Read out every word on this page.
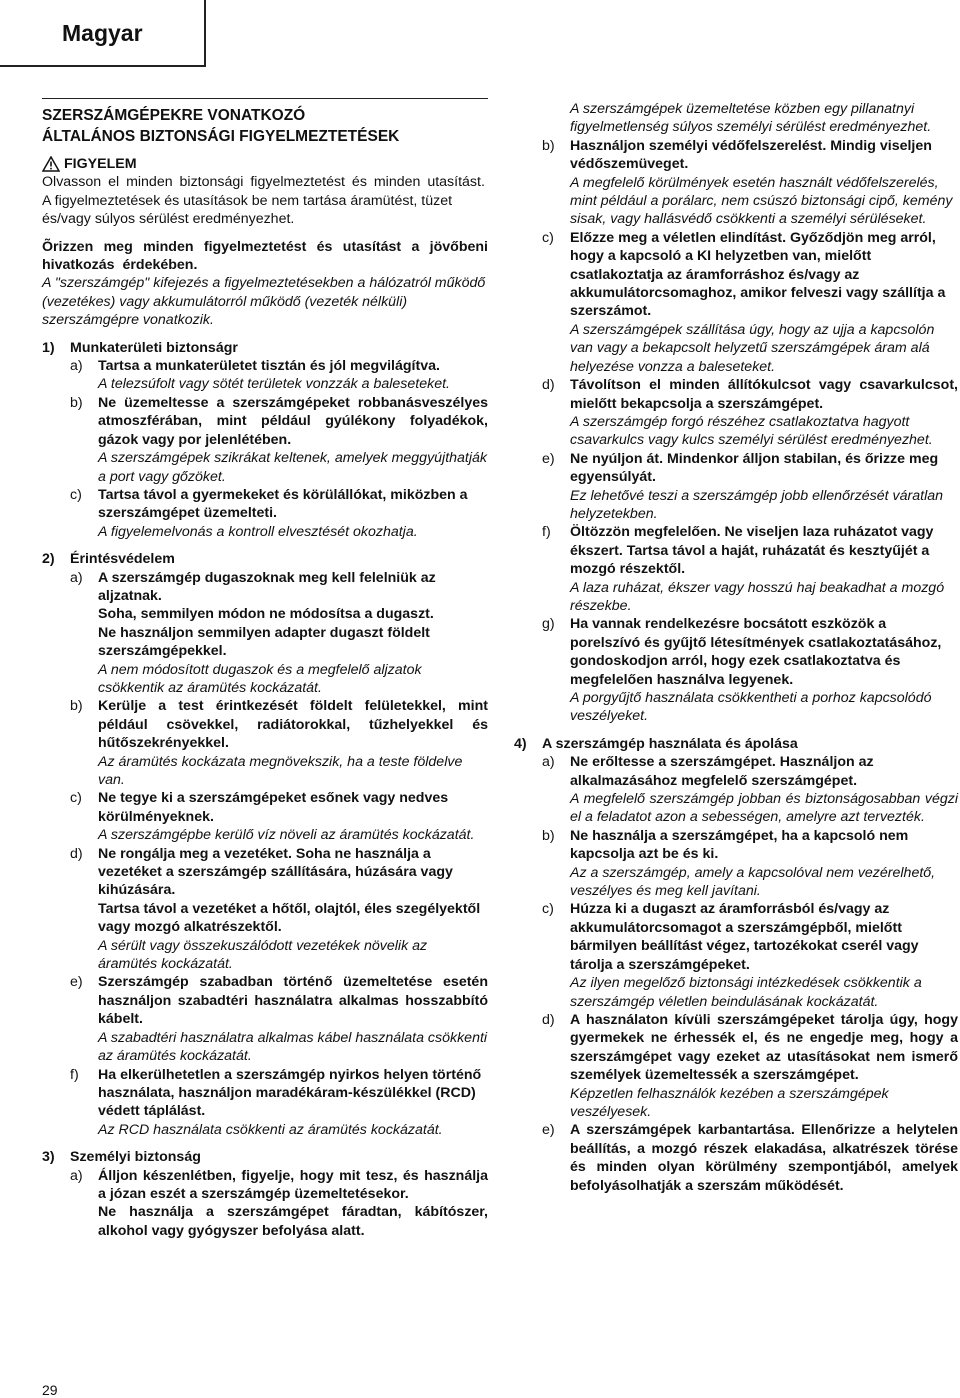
Magyar
SZERSZÁMGÉPEKRE VONATKOZÓ
ÁLTALÁNOS BIZTONSÁGI FIGYELMEZTETÉSEK
FIGYELEM

Olvasson el minden biztonsági figyelmeztetést és minden utasítást.

A figyelmeztetések és utasítások be nem tartása áramütést, tüzet és/vagy súlyos sérülést eredményezhet.

Õrizzen meg minden figyelmeztetést és utasítást a jövőbeni hivatkozás érdekében.

A "szerszámgép" kifejezés a figyelmeztetésekben a hálózatról működő (vezetékes) vagy akkumulátorról működő (vezeték nélküli) szerszámgépre vonatkozik.

1)	Munkaterületi biztonságr
a)	Tartsa a munkaterületet tisztán és jól megvilágítva.

A telezsúfolt vagy sötét területek vonzzák a baleseteket.

b)	Ne üzemeltesse a szerszámgépeket robbanásveszélyes atmoszférában, mint például gyúlékony folyadékok, gázok vagy por jelenlétében.

A szerszámgépek szikrákat keltenek, amelyek meggyújthatják a port vagy gőzöket.

c)	Tartsa távol a gyermekeket és körülállókat, miközben a szerszámgépet üzemelteti.

A figyelemelvonás a kontroll elvesztését okozhatja.

2)	Érintésvédelem
a)	A szerszámgép dugaszoknak meg kell felelniük az aljzatnak.

Soha, semmilyen módon ne módosítsa a dugaszt.

Ne használjon semmilyen adapter dugaszt földelt szerszámgépekkel.

A nem módosított dugaszok és a megfelelő aljzatok csökkentik az áramütés kockázatát.

b)	Kerülje a test érintkezését földelt felületekkel, mint például csövekkel, radiátorokkal, tűzhelyekkel és hűtőszekrényekkel.

Az áramütés kockázata megnövekszik, ha a teste földelve van.

c)	Ne tegye ki a szerszámgépeket esőnek vagy nedves körülményeknek.

A szerszámgépbe kerülő víz növeli az áramütés kockázatát.

d)	Ne rongálja meg a vezetéket. Soha ne használja a vezetéket a szerszámgép szállítására, húzására vagy kihúzására.

Tartsa távol a vezetéket a hőtől, olajtól, éles szegélyektől vagy mozgó alkatrészektől.

A sérült vagy összekuszálódott vezetékek növelik az áramütés kockázatát.

e)	Szerszámgép szabadban történő üzemeltetése esetén használjon szabadtéri használatra alkalmas hosszabbító kábelt.

A szabadtéri használatra alkalmas kábel használata csökkenti az áramütés kockázatát.

f)	Ha elkerülhetetlen a szerszámgép nyirkos helyen történő használata, használjon maradékáram-készülékkel (RCD) védett táplálást.

Az RCD használata csökkenti az áramütés kockázatát.

3)	Személyi biztonság
a)	Álljon készenlétben, figyelje, hogy mit tesz, és használja a józan eszét a szerszámgép üzemeltetésekor.

Ne használja a szerszámgépet fáradtan, kábítószer, alkohol vagy gyógyszer befolyása alatt.

A szerszámgépek üzemeltetése közben egy pillanatnyi figyelmetlenség súlyos személyi sérülést eredményezhet.

b)	Használjon személyi védőfelszerelést. Mindig viseljen védőszemüveget.

A megfelelő körülmények esetén használt védőfelszerelés, mint például a porálarc, nem csúszó biztonsági cipő, kemény sisak, vagy hallásvédő csökkenti a személyi sérüléseket.

c)	Előzze meg a véletlen elindítást. Győződjön meg arról, hogy a kapcsoló a KI helyzetben van, mielőtt csatlakoztatja az áramforráshoz és/vagy az akkumulátorcsomaghoz, amikor felveszi vagy szállítja a szerszámot.

A szerszámgépek szállítása úgy, hogy az ujja a kapcsolón van vagy a bekapcsolt helyzetű szerszámgépek áram alá helyezése vonzza a baleseteket.

d)	Távolítson el minden állítókulcsot vagy csavarkulcsot, mielőtt bekapcsolja a szerszámgépet.

A szerszámgép forgó részéhez csatlakoztatva hagyott csavarkulcs vagy kulcs személyi sérülést eredményezhet.

e)	Ne nyúljon át. Mindenkor álljon stabilan, és őrizze meg egyensúlyát.

Ez lehetővé teszi a szerszámgép jobb ellenőrzését váratlan helyzetekben.

f)	Öltözzön megfelelően. Ne viseljen laza ruházatot vagy ékszert. Tartsa távol a haját, ruházatát és kesztyűjét a mozgó részektől.

A laza ruházat, ékszer vagy hosszú haj beakadhat a mozgó részekbe.

g)	Ha vannak rendelkezésre bocsátott eszközök a porelszívó és gyűjtő létesítmények csatlakoztatásához, gondoskodjon arról, hogy ezek csatlakoztatva és megfelelően használva legyenek.

A porgyűjtő használata csökkentheti a porhoz kapcsolódó veszélyeket.

4)	A szerszámgép használata és ápolása
a)	Ne erőltesse a szerszámgépet. Használjon az alkalmazásához megfelelő szerszámgépet.

A megfelelő szerszámgép jobban és biztonságosabban végzi el a feladatot azon a sebességen, amelyre azt tervezték.

b)	Ne használja a szerszámgépet, ha a kapcsoló nem kapcsolja azt be és ki.

Az a szerszámgép, amely a kapcsolóval nem vezérelhető, veszélyes és meg kell javítani.

c)	Húzza ki a dugaszt az áramforrásból és/vagy az akkumulátorcsomagot a szerszámgépből, mielőtt bármilyen beállítást végez, tartozékokat cserél vagy tárolja a szerszámgépeket.

Az ilyen megelőző biztonsági intézkedések csökkentik a szerszámgép véletlen beindulásának kockázatát.

d)	A használaton kívüli szerszámgépeket tárolja úgy, hogy gyermekek ne érhessék el, és ne engedje meg, hogy a szerszámgépet vagy ezeket az utasításokat nem ismerő személyek üzemeltessék a szerszámgépet.

Képzetlen felhasználók kezében a szerszámgépek veszélyesek.

e)	A szerszámgépek karbantartása. Ellenőrizze a helytelen beállítás, a mozgó részek elakadása, alkatrészek törése és minden olyan körülmény szempontjából, amelyek befolyásolhatják a szerszám működését.

29
